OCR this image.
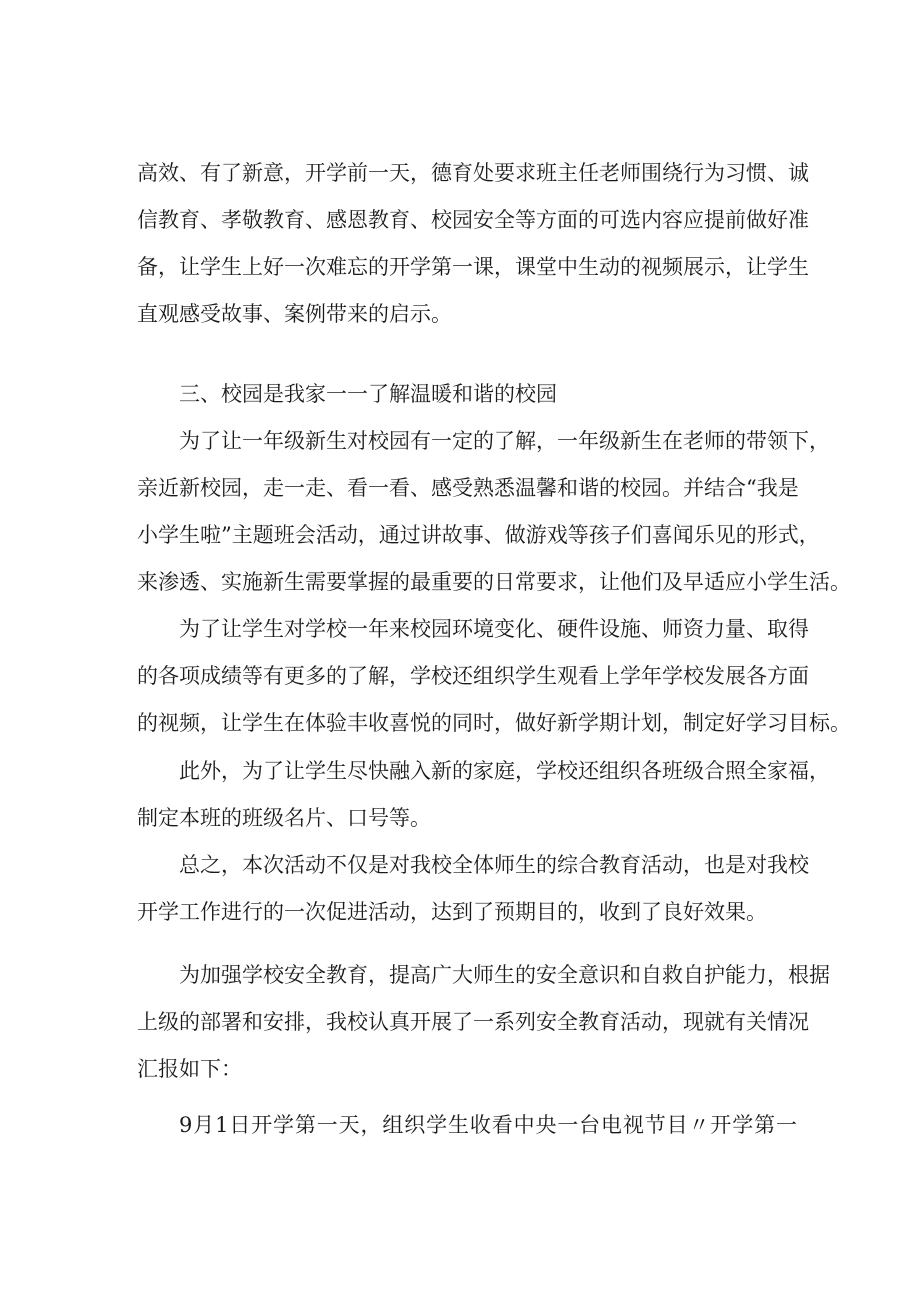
高效、有了新意，开学前一天，德育处要求班主任老师围绕行为习惯、诚
信教育、孝敬教育、感恩教育、校园安全等方面的可选内容应提前做好准
备，让学生上好一次难忘的开学第一课，课堂中生动的视频展示，让学生
直观感受故事、案例带来的启示。
三、校园是我家一一了解温暖和谐的校园
为了让一年级新生对校园有一定的了解，一年级新生在老师的带领下，
亲近新校园，走一走、看一看、感受熟悉温馨和谐的校园。并结合“我是
小学生啦”主题班会活动，通过讲故事、做游戏等孩子们喜闻乐见的形式，
来渗透、实施新生需要掌握的最重要的日常要求，让他们及早适应小学生活。
为了让学生对学校一年来校园环境变化、硬件设施、师资力量、取得
的各项成绩等有更多的了解，学校还组织学生观看上学年学校发展各方面
的视频，让学生在体验丰收喜悦的同时，做好新学期计划，制定好学习目标。
此外，为了让学生尽快融入新的家庭，学校还组织各班级合照全家福，
制定本班的班级名片、口号等。
总之，本次活动不仅是对我校全体师生的综合教育活动，也是对我校
开学工作进行的一次促进活动，达到了预期目的，收到了良好效果。
为加强学校安全教育，提高广大师生的安全意识和自救自护能力，根据
上级的部署和安排，我校认真开展了一系列安全教育活动，现就有关情况
汇报如下：
9月1日开学第一天，组织学生收看中央一台电视节目〃开学第一
